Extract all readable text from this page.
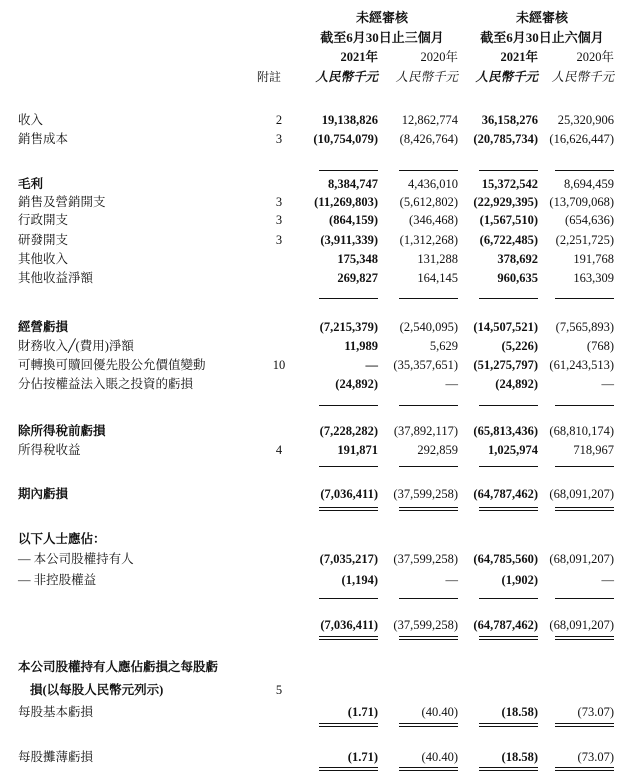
未經審核
截至6月30日止三個月
未經審核
截至6月30日止六個月
2021年	2020年	2021年	2020年
附註	人民幣千元	人民幣千元	人民幣千元	人民幣千元
收入	2	19,138,826	12,862,774	36,158,276	25,320,906
銷售成本	3	(10,754,079)	(8,426,764)	(20,785,734) (16,626,447)
毛利	8,384,747	4,436,010	15,372,542	8,694,459
銷售及營銷開支	3	(11,269,803)	(5,612,802)	(22,929,395) (13,709,068)
行政開支	3	(864,159)	(346,468)	(1,567,510)	(654,636)
研發開支	3	(3,911,339)	(1,312,268)	(6,722,485)	(2,251,725)
其他收入	175,348	131,288	378,692	191,768
其他收益淨額	269,827	164,145	960,635	163,309
經營虧損	(7,215,379)	(2,540,095)	(14,507,521)	(7,565,893)
財務收入╱(費用)淨額	11,989	5,629	(5,226)	(768)
可轉換可贖回優先股公允價值變動	10	—	(35,357,651)	(51,275,797) (61,243,513)
分佔按權益法入賬之投資的虧損	(24,892)	—	(24,892)	—
除所得稅前虧損	(7,228,282)	(37,892,117)	(65,813,436) (68,810,174)
所得稅收益	4	191,871	292,859	1,025,974	718,967
期內虧損	(7,036,411)	(37,599,258)	(64,787,462) (68,091,207)
以下人士應佔：
— 本公司股權持有人	(7,035,217)	(37,599,258)	(64,785,560) (68,091,207)
— 非控股權益	(1,194)	—	(1,902)	—
(7,036,411)	(37,599,258)	(64,787,462) (68,091,207)
本公司股權持有人應佔虧損之每股虧
損(以每股人民幣元列示)	5
每股基本虧損	(1.71)	(40.40)	(18.58)	(73.07)
每股攤薄虧損	(1.71)	(40.40)	(18.58)	(73.07)
